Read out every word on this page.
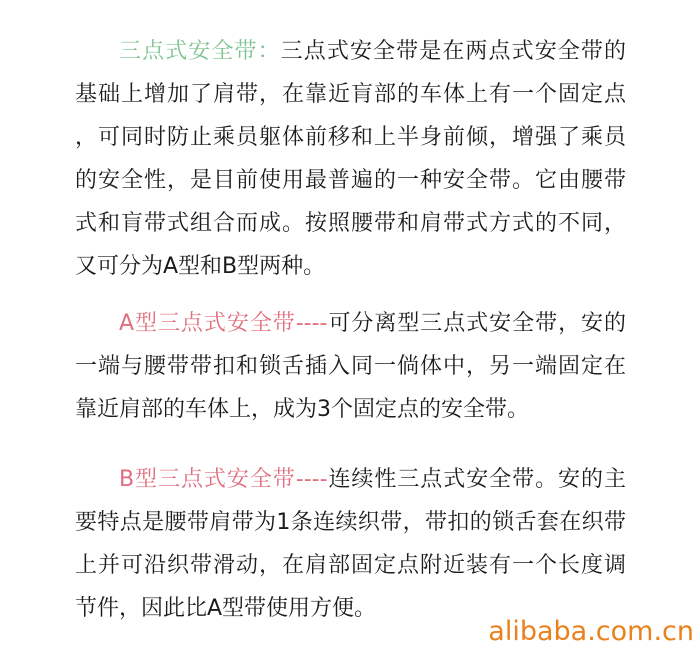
三点式安全带：三点式安全带是在两点式安全带的
基础上增加了肩带，在靠近肓部的车体上有一个固定点
，可同时防止乘员躯体前移和上半身前倾，增强了乘员
的安全性，是目前使用最普遍的一种安全带。它由腰带
式和肓带式组合而成。按照腰带和肩带式方式的不同，
又可分为A型和B型两种。
A型三点式安全带----可分离型三点式安全带，安的
一端与腰带带扣和锁舌插入同一倘体中，另一端固定在
靠近肩部的车体上，成为3个固定点的安全带。
B型三点式安全带----连续性三点式安全带。安的主
要特点是腰带肩带为1条连续织带，带扣的锁舌套在织带
上并可沿织带滑动，在肩部固定点附近装有一个长度调
节件，因此比A型带使用方便。
alibaba.com.cn
